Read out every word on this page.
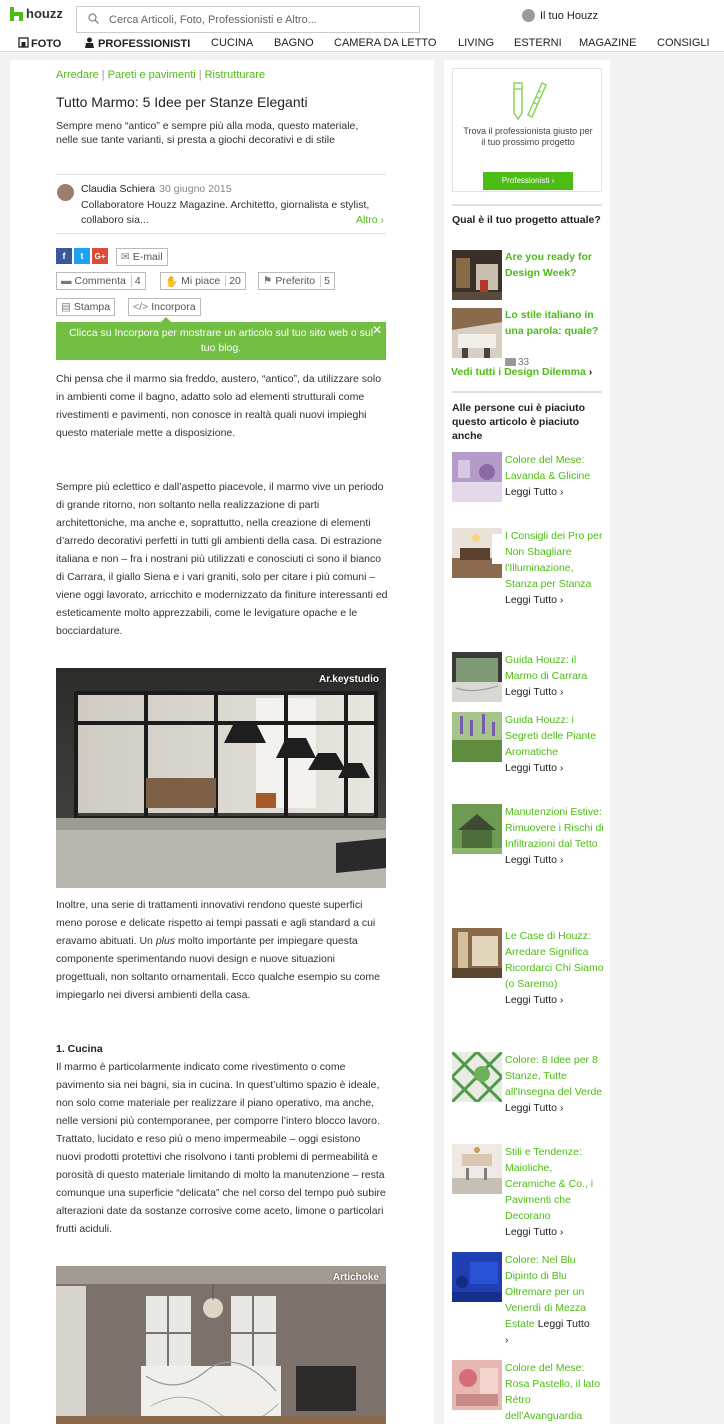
houzz
Cerca Articoli, Foto, Professionisti e Altro...	Il tuo Houzz
FOTO	PROFESSIONISTI CUCINA BAGNO CAMERA DA LETTO LIVING ESTERNI MAGAZINE CONSIGLI
Arredare | Pareti e pavimenti | Ristrutturare
Tutto Marmo: 5 Idee per Stanze Eleganti
Sempre meno “antico” e sempre più alla moda, questo materiale, nelle sue tante varianti, si presta a giochi decorativi e di stile
Claudia Schiera 30 giugno 2015
Collaboratore Houzz Magazine. Architetto, giornalista e stylist, collaboro sia...	Altro ›
f	t	G+ ✉ E-mail
▬ Commenta 4 ✋ Mi piace 20 ⚑ Preferito 5
▤ Stampa </> Incorpora
Clicca su Incorpora per mostrare un articolo sul tuo sito web o sul tuo blog.
✕
Chi pensa che il marmo sia freddo, austero, “antico”, da utilizzare solo in ambienti come il bagno, adatto solo ad elementi strutturali come rivestimenti e pavimenti, non conosce in realtà quali nuovi impieghi questo materiale mette a disposizione.
Sempre più eclettico e dall’aspetto piacevole, il marmo vive un periodo di grande ritorno, non soltanto nella realizzazione di parti architettoniche, ma anche e, soprattutto, nella creazione di elementi d’arredo decorativi perfetti in tutti gli ambienti della casa. Di estrazione italiana e non – fra i nostrani più utilizzati e conosciuti ci sono il bianco di Carrara, il giallo Siena e i vari graniti, solo per citare i più comuni – viene oggi lavorato, arricchito e modernizzato da finiture interessanti ed esteticamente molto apprezzabili, come le levigature opache e le bocciardature.
Ar.keystudio
Inoltre, una serie di trattamenti innovativi rendono queste superfici meno porose e delicate rispetto ai tempi passati e agli standard a cui eravamo abituati. Un plus molto importante per impiegare questa componente sperimentando nuovi design e nuove situazioni progettuali, non soltanto ornamentali. Ecco qualche esempio su come impiegarlo nei diversi ambienti della casa.
1. Cucina
Il marmo è particolarmente indicato come rivestimento o come pavimento sia nei bagni, sia in cucina. In quest’ultimo spazio è ideale, non solo come materiale per realizzare il piano operativo, ma anche, nelle versioni più contemporanee, per comporre l’intero blocco lavoro. Trattato, lucidato e reso più o meno impermeabile – oggi esistono nuovi prodotti protettivi che risolvono i tanti problemi di permeabilità e porosità di questo materiale limitando di molto la manutenzione – resta comunque una superficie “delicata” che nel corso del tempo può subire alterazioni date da sostanze corrosive come aceto, limone o particolari frutti aciduli.
Artichoke
Trova il professionista giusto per il tuo prossimo progetto
Professionisti ›
Qual è il tuo progetto attuale?
Are you ready for Design Week?
Lo stile italiano in una parola: quale?
33
Vedi tutti i Design Dilemma ›
Alle persone cui è piaciuto questo articolo è piaciuto anche
Colore del Mese: Lavanda & Glicine
Leggi Tutto ›
I Consigli dei Pro per Non Sbagliare l'Illuminazione, Stanza per Stanza
Leggi Tutto ›
Guida Houzz: il Marmo di Carrara
Leggi Tutto ›
Guida Houzz: i Segreti delle Piante Aromatiche
Leggi Tutto ›
Manutenzioni Estive: Rimuovere i Rischi di Infiltrazioni dal Tetto
Leggi Tutto ›
Le Case di Houzz: Arredare Significa Ricordarci Chi Siamo (o Saremo)
Leggi Tutto ›
Colore: 8 Idee per 8 Stanze, Tutte all'Insegna del Verde
Leggi Tutto ›
Stili e Tendenze: Maioliche, Ceramiche & Co., i Pavimenti che Decorano
Leggi Tutto ›
Colore: Nel Blu Dipinto di Blu Oltremare per un Venerdì di Mezza Estate Leggi Tutto
›
Colore del Mese: Rosa Pastello, il lato Rétro dell'Avanguardia
